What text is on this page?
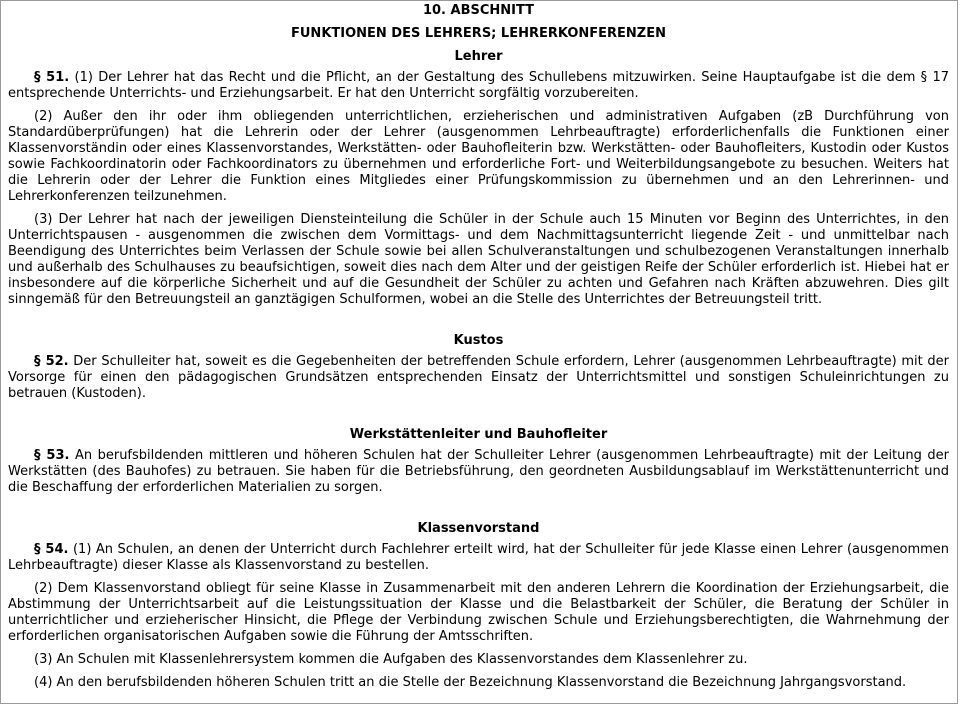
10. ABSCHNITT
FUNKTIONEN DES LEHRERS; LEHRERKONFERENZEN
Lehrer

§ 51. (1) Der Lehrer hat das Recht und die Pflicht, an der Gestaltung des Schullebens mitzuwirken. Seine Hauptaufgabe ist die dem § 17 entsprechende Unterrichts- und Erziehungsarbeit. Er hat den Unterricht sorgfältig vorzubereiten.

(2) Außer den ihr oder ihm obliegenden unterrichtlichen, erzieherischen und administrativen Aufgaben (zB Durchführung von Standardüberprüfungen) hat die Lehrerin oder der Lehrer (ausgenommen Lehrbeauftragte) erforderlichenfalls die Funktionen einer Klassenvorständin oder eines Klassenvorstandes, Werkstätten- oder Bauhofleiterin bzw. Werkstätten- oder Bauhofleiters, Kustodin oder Kustos sowie Fachkoordinatorin oder Fachkoordinators zu übernehmen und erforderliche Fort- und Weiterbildungsangebote zu besuchen. Weiters hat die Lehrerin oder der Lehrer die Funktion eines Mitgliedes einer Prüfungskommission zu übernehmen und an den Lehrerinnen- und Lehrerkonferenzen teilzunehmen.

(3) Der Lehrer hat nach der jeweiligen Diensteinteilung die Schüler in der Schule auch 15 Minuten vor Beginn des Unterrichtes, in den Unterrichtspausen - ausgenommen die zwischen dem Vormittags- und dem Nachmittagsunterricht liegende Zeit - und unmittelbar nach Beendigung des Unterrichtes beim Verlassen der Schule sowie bei allen Schulveranstaltungen und schulbezogenen Veranstaltungen innerhalb und außerhalb des Schulhauses zu beaufsichtigen, soweit dies nach dem Alter und der geistigen Reife der Schüler erforderlich ist. Hiebei hat er insbesondere auf die körperliche Sicherheit und auf die Gesundheit der Schüler zu achten und Gefahren nach Kräften abzuwehren. Dies gilt sinngemäß für den Betreuungsteil an ganztägigen Schulformen, wobei an die Stelle des Unterrichtes der Betreuungsteil tritt.

Kustos

§ 52. Der Schulleiter hat, soweit es die Gegebenheiten der betreffenden Schule erfordern, Lehrer (ausgenommen Lehrbeauftragte) mit der Vorsorge für einen den pädagogischen Grundsätzen entsprechenden Einsatz der Unterrichtsmittel und sonstigen Schuleinrichtungen zu betrauen (Kustoden).

Werkstättenleiter und Bauhofleiter

§ 53. An berufsbildenden mittleren und höheren Schulen hat der Schulleiter Lehrer (ausgenommen Lehrbeauftragte) mit der Leitung der Werkstätten (des Bauhofes) zu betrauen. Sie haben für die Betriebsführung, den geordneten Ausbildungsablauf im Werkstättenunterricht und die Beschaffung der erforderlichen Materialien zu sorgen.

Klassenvorstand

§ 54. (1) An Schulen, an denen der Unterricht durch Fachlehrer erteilt wird, hat der Schulleiter für jede Klasse einen Lehrer (ausgenommen Lehrbeauftragte) dieser Klasse als Klassenvorstand zu bestellen.

(2) Dem Klassenvorstand obliegt für seine Klasse in Zusammenarbeit mit den anderen Lehrern die Koordination der Erziehungsarbeit, die Abstimmung der Unterrichtsarbeit auf die Leistungssituation der Klasse und die Belastbarkeit der Schüler, die Beratung der Schüler in unterrichtlicher und erzieherischer Hinsicht, die Pflege der Verbindung zwischen Schule und Erziehungsberechtigten, die Wahrnehmung der erforderlichen organisatorischen Aufgaben sowie die Führung der Amtsschriften.

(3) An Schulen mit Klassenlehrersystem kommen die Aufgaben des Klassenvorstandes dem Klassenlehrer zu.

(4) An den berufsbildenden höheren Schulen tritt an die Stelle der Bezeichnung Klassenvorstand die Bezeichnung Jahrgangsvorstand.
